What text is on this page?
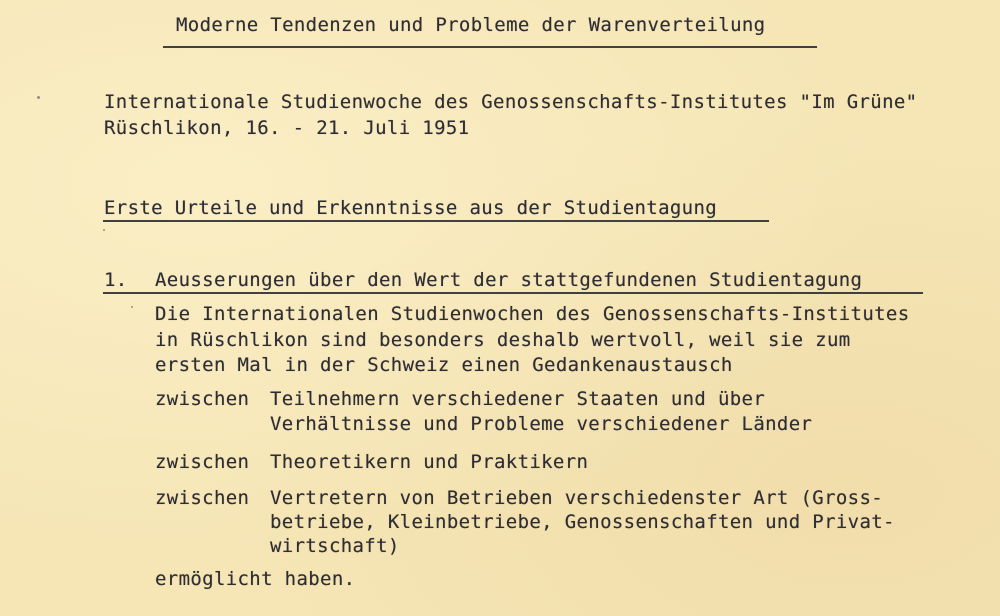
Moderne Tendenzen und Probleme der Warenverteilung
Internationale Studienwoche des Genossenschafts-Institutes "Im Grüne"
Rüschlikon, 16. - 21. Juli 1951
Erste Urteile und Erkenntnisse aus der Studientagung
1. Aeusserungen über den Wert der stattgefundenen Studientagung
Die Internationalen Studienwochen des Genossenschafts-Institutes
in Rüschlikon sind besonders deshalb wertvoll, weil sie zum
ersten Mal in der Schweiz einen Gedankenaustausch
zwischen Teilnehmern verschiedener Staaten und über
Verhältnisse und Probleme verschiedener Länder
zwischen Theoretikern und Praktikern
zwischen Vertretern von Betrieben verschiedenster Art (Gross-
betriebe, Kleinbetriebe, Genossenschaften und Privat-
wirtschaft)
ermöglicht haben.
